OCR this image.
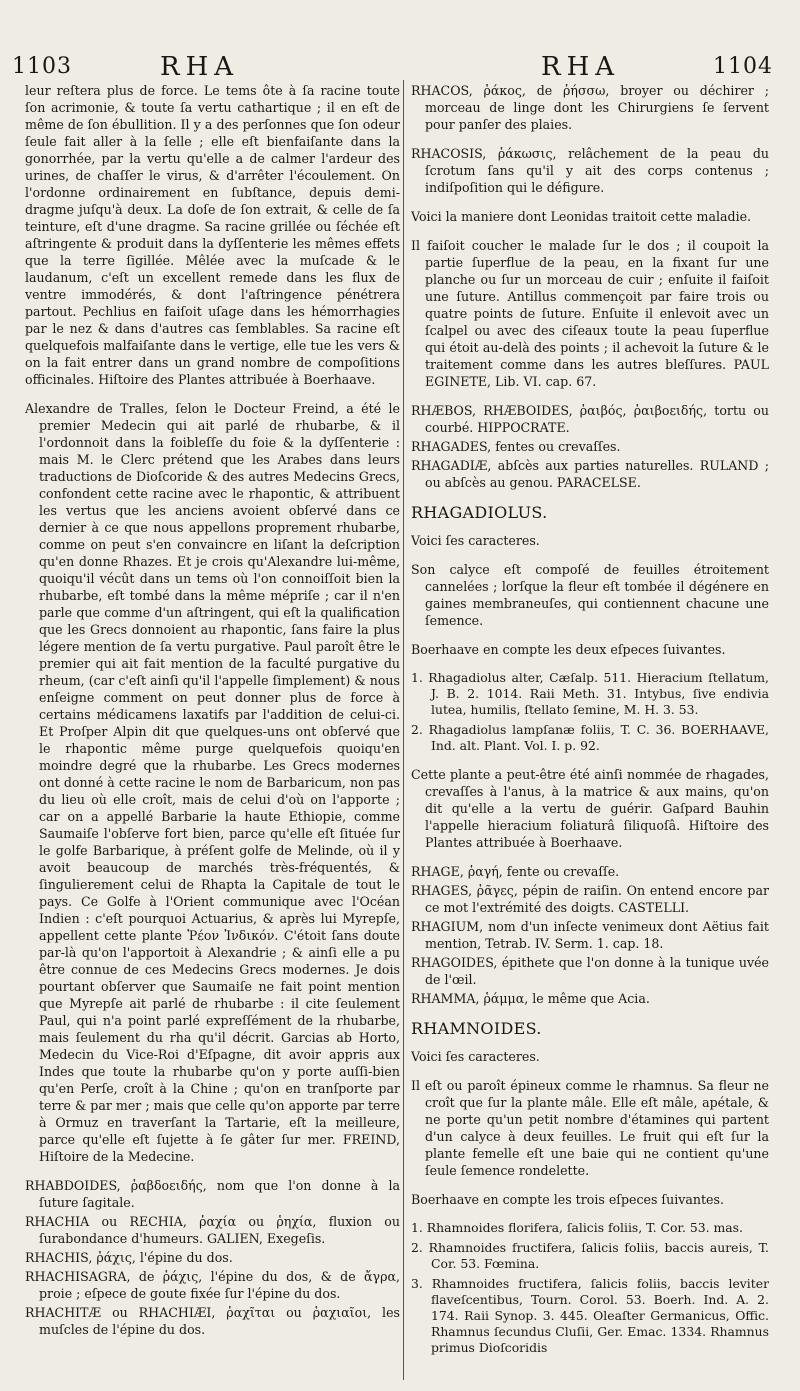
1103	RHA	RHA	1104

leur reſtera plus de force. Le tems ôte à ſa racine toute ſon acrimonie, & toute ſa vertu cathartique ; il en eſt de même de ſon ébullition. Il y a des perſonnes que ſon odeur ſeule fait aller à la ſelle ; elle eſt bienfaiſante dans la gonorrhée, par la vertu qu'elle a de calmer l'ardeur des urines, de chaſſer le virus, & d'arrêter l'écoulement. On l'ordonne ordinairement en ſubſtance, depuis demi-dragme juſqu'à deux. La doſe de ſon extrait, & celle de ſa teinture, eſt d'une dragme. Sa racine grillée ou ſéchée eſt aſtringente & produit dans la dyſſenterie les mêmes effets que la terre ſigillée. Mêlée avec la muſcade & le laudanum, c'eſt un excellent remede dans les flux de ventre immodérés, & dont l'aſtringence pénétrera partout. Pechlius en faiſoit uſage dans les hémorrhagies par le nez & dans d'autres cas ſemblables. Sa racine eſt quelquefois malfaiſante dans le vertige, elle tue les vers & on la fait entrer dans un grand nombre de compoſitions officinales. Hiſtoire des Plantes attribuée à Boerhaave.

Alexandre de Tralles, ſelon le Docteur Freind, a été le premier Medecin qui ait parlé de rhubarbe, & il l'ordonnoit dans la foibleſſe du foie & la dyſſenterie : mais M. le Clerc prétend que les Arabes dans leurs traductions de Dioſcoride & des autres Medecins Grecs, confondent cette racine avec le rhapontic, & attribuent les vertus que les anciens avoient obſervé dans ce dernier à ce que nous appellons proprement rhubarbe, comme on peut s'en convaincre en liſant la deſcription qu'en donne Rhazes. Et je crois qu'Alexandre lui-même, quoiqu'il vécût dans un tems où l'on connoiſſoit bien la rhubarbe, eſt tombé dans la même mépriſe ; car il n'en parle que comme d'un aſtringent, qui eſt la qualification que les Grecs donnoient au rhapontic, ſans faire la plus légere mention de ſa vertu purgative. Paul paroît être le premier qui ait fait mention de la faculté purgative du rheum, (car c'eſt ainſi qu'il l'appelle ſimplement) & nous enſeigne comment on peut donner plus de force à certains médicamens laxatifs par l'addition de celui-ci. Et Proſper Alpin dit que quelques-uns ont obſervé que le rhapontic même purge quelquefois quoiqu'en moindre degré que la rhubarbe. Les Grecs modernes ont donné à cette racine le nom de Barbaricum, non pas du lieu où elle croît, mais de celui d'où on l'apporte ; car on a appellé Barbarie la haute Ethiopie, comme Saumaiſe l'obſerve fort bien, parce qu'elle eſt ſituée ſur le golfe Barbarique, à préſent golfe de Melinde, où il y avoit beaucoup de marchés très-fréquentés, & ſingulierement celui de Rhapta la Capitale de tout le pays. Ce Golfe à l'Orient communique avec l'Océan Indien : c'eſt pourquoi Actuarius, & après lui Myrepſe, appellent cette plante Ῥέον Ἰνδικόν. C'étoit ſans doute par-là qu'on l'apportoit à Alexandrie ; & ainſi elle a pu être connue de ces Medecins Grecs modernes. Je dois pourtant obſerver que Saumaiſe ne fait point mention que Myrepſe ait parlé de rhubarbe : il cite ſeulement Paul, qui n'a point parlé expreſſément de la rhubarbe, mais ſeulement du rha qu'il décrit. Garcias ab Horto, Medecin du Vice-Roi d'Eſpagne, dit avoir appris aux Indes que toute la rhubarbe qu'on y porte auſſi-bien qu'en Perſe, croît à la Chine ; qu'on en tranſporte par terre & par mer ; mais que celle qu'on apporte par terre à Ormuz en traverſant la Tartarie, eſt la meilleure, parce qu'elle eſt ſujette à ſe gâter ſur mer. FREIND, Hiſtoire de la Medecine.

RHABDOIDES, ῥαβδοειδής, nom que l'on donne à la ſuture ſagitale.

RHACHIA ou RECHIA, ῥαχία ou ῥηχία, fluxion ou ſurabondance d'humeurs. GALIEN, Exegeſis.

RHACHIS, ῥάχις, l'épine du dos.

RHACHISAGRA, de ῥάχις, l'épine du dos, & de ἄγρα, proie ; eſpece de goute fixée ſur l'épine du dos.

RHACHITÆ ou RHACHIÆI, ῥαχῖται ou ῥαχιαῖοι, les muſcles de l'épine du dos.

RHACOS, ῥάκος, de ῥήσσω, broyer ou déchirer ; morceau de linge dont les Chirurgiens ſe ſervent pour panſer des plaies.

RHACOSIS, ῥάκωσις, relâchement de la peau du ſcrotum ſans qu'il y ait des corps contenus ; indiſpoſition qui le défigure.

Voici la maniere dont Leonidas traitoit cette maladie.

Il faiſoit coucher le malade ſur le dos ; il coupoit la partie ſuperflue de la peau, en la fixant ſur une planche ou ſur un morceau de cuir ; enſuite il faiſoit une ſuture. Antillus commençoit par faire trois ou quatre points de ſuture. Enſuite il enlevoit avec un ſcalpel ou avec des ciſeaux toute la peau ſuperflue qui étoit au-delà des points ; il achevoit la ſuture & le traitement comme dans les autres bleſſures. PAUL EGINETE, Lib. VI. cap. 67.

RHÆBOS, RHÆBOIDES, ῥαιβός, ῥαιβοειδής, tortu ou courbé. HIPPOCRATE.

RHAGADES, fentes ou crevaſſes.

RHAGADIÆ, abſcès aux parties naturelles. RULAND ; ou abſcès au genou. PARACELSE.

RHAGADIOLUS.

Voici ſes caracteres.

Son calyce eſt compoſé de feuilles étroitement cannelées ; lorſque la fleur eſt tombée il dégénere en gaines membraneuſes, qui contiennent chacune une ſemence.

Boerhaave en compte les deux eſpeces ſuivantes.

1. Rhagadiolus alter, Cæſalp. 511. Hieracium ſtellatum, J. B. 2. 1014. Raii Meth. 31. Intybus, ſive endivia lutea, humilis, ſtellato ſemine, M. H. 3. 53.
2. Rhagadiolus lampſanæ foliis, T. C. 36. BOERHAAVE, Ind. alt. Plant. Vol. I. p. 92.

Cette plante a peut-être été ainſi nommée de rhagades, crevaſſes à l'anus, à la matrice & aux mains, qu'on dit qu'elle a la vertu de guérir. Gaſpard Bauhin l'appelle hieracium foliaturâ ſiliquoſâ. Hiſtoire des Plantes attribuée à Boerhaave.

RHAGE, ῥαγή, fente ou crevaſſe.

RHAGES, ῥᾶγες, pépin de raiſin. On entend encore par ce mot l'extrémité des doigts. CASTELLI.

RHAGIUM, nom d'un inſecte venimeux dont Aëtius fait mention, Tetrab. IV. Serm. 1. cap. 18.

RHAGOIDES, épithete que l'on donne à la tunique uvée de l'œil.

RHAMMA, ῥάμμα, le même que Acia.

RHAMNOIDES.

Voici ſes caracteres.

Il eſt ou paroît épineux comme le rhamnus. Sa fleur ne croît que ſur la plante mâle. Elle eſt mâle, apétale, & ne porte qu'un petit nombre d'étamines qui partent d'un calyce à deux feuilles. Le fruit qui eſt ſur la plante femelle eſt une baie qui ne contient qu'une ſeule ſemence rondelette.

Boerhaave en compte les trois eſpeces ſuivantes.

1. Rhamnoides florifera, ſalicis foliis, T. Cor. 53. mas.
2. Rhamnoides fructifera, ſalicis foliis, baccis aureis, T. Cor. 53. Fœmina.
3. Rhamnoides fructifera, ſalicis foliis, baccis leviter flaveſcentibus, Tourn. Corol. 53. Boerh. Ind. A. 2. 174. Raii Synop. 3. 445. Oleaſter Germanicus, Offic. Rhamnus ſecundus Cluſii, Ger. Emac. 1334. Rhamnus primus Dioſcoridis
